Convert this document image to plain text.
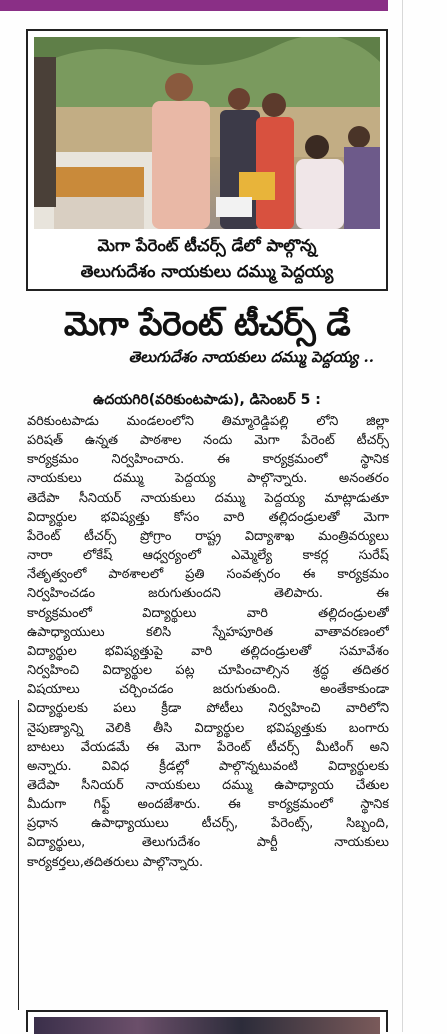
మెగా పేరెంట్ టీచర్స్ డేలో పాల్గొన్న
తెలుగుదేశం నాయకులు దమ్ము పెద్దయ్య
మెగా పేరెంట్ టీచర్స్ డే
తెలుగుదేశం నాయకులు దమ్ము పెద్దయ్య ..
ఉదయగిరి(వరికుంటపాడు), డిసెంబర్ 5 :
వరికుంటపాడు మండలంలోని తిమ్మారెడ్డిపల్లి లోని జిల్లా
పరిషత్ ఉన్నత పాఠశాల నందు మెగా పేరెంట్ టీచర్స్
కార్యక్రమం నిర్వహించారు. ఈ కార్యక్రమంలో స్థానిక
నాయకులు దమ్ము పెద్దయ్య పాల్గొన్నారు. అనంతరం
తెదేపా సీనియర్ నాయకులు దమ్ము పెద్దయ్య మాట్లాడుతూ
విద్యార్థుల భవిష్యత్తు కోసం వారి తల్లిదండ్రులతో మెగా
పేరెంట్ టీచర్స్ ప్రోగ్రాం రాష్ట్ర విద్యాశాఖ మంత్రివర్యులు
నారా లోకేష్ ఆధ్వర్యంలో ఎమ్మెల్యే కాకర్ల సురేష్
నేతృత్వంలో పాఠశాలలో ప్రతి సంవత్సరం ఈ కార్యక్రమం
నిర్వహించడం జరుగుతుందని తెలిపారు. ఈ
కార్యక్రమంలో విద్యార్థులు వారి తల్లిదండ్రులతో
ఉపాధ్యాయులు కలిసి స్నేహపూరిత వాతావరణంలో
విద్యార్థుల భవిష్యత్తుపై వారి తల్లిదండ్రులతో సమావేశం
నిర్వహించి విద్యార్థుల పట్ల చూపించాల్సిన శ్రద్ధ తదితర
విషయాలు చర్చించడం జరుగుతుంది. అంతేకాకుండా
విద్యార్థులకు పలు క్రీడా పోటీలు నిర్వహించి వారిలోని
నైపుణ్యాన్ని వెలికి తీసి విద్యార్థుల భవిష్యత్తుకు బంగారు
బాటలు వేయడమే ఈ మెగా పేరెంట్ టీచర్స్ మీటింగ్ అని
అన్నారు. వివిధ క్రీడల్లో పాల్గొన్నటువంటి విద్యార్థులకు
తెదేపా సీనియర్ నాయకులు దమ్ము ఉపాధ్యాయ చేతుల
మీదుగా గిఫ్ట్ అందజేశారు. ఈ కార్యక్రమంలో స్థానిక
ప్రధాన ఉపాధ్యాయులు టీచర్స్, పేరెంట్స్, సిబ్బంది,
విద్యార్థులు, తెలుగుదేశం పార్టీ నాయకులు
కార్యకర్తలు,తదితరులు పాల్గొన్నారు.
